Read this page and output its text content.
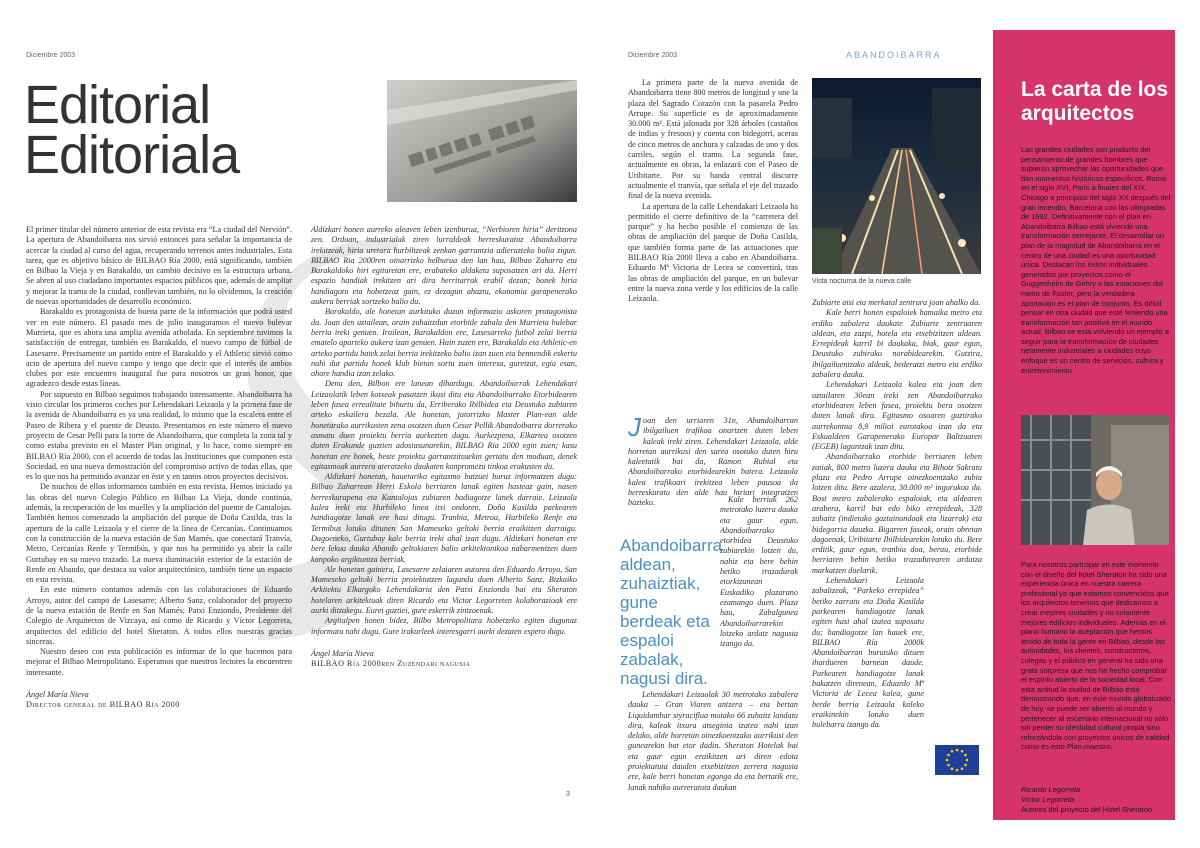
Diciembre 2003
Editorial
Editoriala

El primer titular del número anterior de esta revista era “La ciudad del Nervión”. La apertura de Abandoibarra nos sirvió entonces para señalar la importancia de acercar la ciudad al curso del agua, recuperando terrenos antes industriales. Esta tarea, que es objetivo básico de BILBAO Ría 2000, está significando, también en Bilbao la Vieja y en Barakaldo, un cambio decisivo en la estructura urbana. Se abren al uso ciudadano importantes espacios públicos que, además de ampliar y mejorar la trama de la ciudad, conllevan también, no lo olvidemos, la creación de nuevas oportunidades de desarrollo económico.

Barakaldo es protagonista de buena parte de la información que podrá usted ver en este número. El pasado mes de julio inauguramos el nuevo bulevar Murrieta, que es ahora una amplia avenida arbolada. En septiembre tuvimos la satisfacción de entregar, también en Barakaldo, el nuevo campo de fútbol de Lasesarre. Precisamente un partido entre el Barakaldo y el Athletic sirvió como acto de apertura del nuevo campo y tengo que decir que el interés de ambos clubes por este encuentro inaugural fue para nosotros un gran honor, que agradezco desde estas líneas.

Por supuesto en Bilbao seguimos trabajando intensamente. Abandoibarra ha visto circular los primeros coches por Lehendakari Leizaola y la primera fase de la avenida de Abandoibarra es ya una realidad, lo mismo que la escalera entre el Paseo de Ribera y el puente de Deusto. Presentamos en este número el nuevo proyecto de Cesar Pelli para la torre de Abandoibarra, que completa la zona tal y como estaba previsto en el Master Plan original, y lo hace, como siempre en BILBAO Ría 2000, con el acuerdo de todas las Instituciones que componen esta Sociedad, en una nueva demostración del compromiso activo de todas ellas, que es lo que nos ha permitido avanzar en éste y en tantos otros proyectos decisivos.

De muchos de ellos informamos también en esta revista. Hemos iniciado ya las obras del nuevo Colegio Público en Bilbao La Vieja, donde continúa, además, la recuperación de los muelles y la ampliación del puente de Cantalojas. También hemos comenzado la ampliación del parque de Doña Casilda, tras la apertura de la calle Leizaola y el cierre de la línea de Cercanías. Continuamos con la construcción de la nueva estación de San Mamés, que conectará Tranvía, Metro, Cercanías Renfe y Termibús, y que nos ha permitido ya abrir la calle Gurtubay en su nuevo trazado. La nueva iluminación exterior de la estación de Renfe en Abando, que destaca su valor arquitectónico, también tiene un espacio en esta revista.

En este número contamos además con las colaboraciones de Eduardo Arroyo, autor del campo de Lasesarre; Alberto Sanz, colaborador del proyecto de la nueva estación de Renfe en San Mamés; Patxi Enziondo, Presidente del Colegio de Arquitectos de Vizcaya, así como de Ricardo y Víctor Legorreta, arquitectos del edificio del hotel Sheraton. A todos ellos nuestras gracias sinceras.

Nuestro deseo con esta publicación es informar de lo que hacemos para mejorar el Bilbao Metropolitano. Esperamos que nuestros lectores la encuentren interesante.

Ángel María Nieva
Director general de BILBAO Ría 2000

Aldizkari honen aurreko aleaven leben izenburua, “Nerbioren hiria” deritzona zen. Orduan, industrialak ziren lurraldeak berreskuratuz Abandoibarra irekitzeak, hiria uretara hurbiltzeak zenkan garrantzia adierazteko balio zigun. BILBAO Ria 2000ren oinarrizko helburua den lan hau, Bilbao Zaharra eta Barakaldoko hiri egituretan ere, erabateko aldaketa suposatzen ari da. Herri espazio handiak irekitzen ari dira herritarrak erabil dezan; bonek hiria handiagotu eta hobetzeaz gain, ez dezagun ahaztu, ekonomia garapenerako aukera berriak sortzeko balio du.

Barakaldo, ale honetan aurkituko duzun informazio askoren protagonista da. Joan den uztailean, orain zuhaitzdun etorbide zabala den Murrieta bulebar berria ireki genuen. Irailean, Barakaldon ere, Lasesarreko futbol zelai berria ematelo aparteko aukera izan genuen. Hain zuzen ere, Barakaldo eta Athletic-en arteko partidu batek zelai berria irekitzeko balio izan zuen eta bennendik eskertu nahi dut partidu honek klub bietan sortu zuen interesa, guretzat, egia esan, ohore handia izan zelako.

Dena den, Bilbon ere lanean dihardugu. Abandoibarrak Lehendakari Leizaolatik leben kotxeak pasatzen ikusi ditu eta Abandoibarrako Etorbidearen leben fasea errealitate bihurtu da, Erriberako Ibilbidea eta Deustuko zubiaren arteko eskailera bezala. Ale honetan, jatorrizko Master Plan-ean alde honetarako aurrikusten zena osotzen duen Cesar Pellik Abandoibarra dorrerako asmatu duen proiektu berria aurkezten dugu. Aurkezpena, Elkartea osotzen duten Erakunde guztien adostasunarekin, BILBAO Ria 2000 egin zuen; kasu honetan ere bonek, beste proiektu garrantzitsuekin gertatu den moduan, denek egitasmoak aurrera ateratzeko daukaten konpromezu tinkoa erakusten du.

Aldizkari honetan, hauetariko egitasmo batzuei buruz informatzen dugu: Bilbao Zaharrean Herri Eskola berriaren lanak egiten hasteaz gain, nasen berreskurapena eta Kantalojas zubiaren badiagotze lanek darraie. Leizaola kalea ireki eta Hurbileko linea itxi ondoren, Doña Kasilda parkearen handiagotze lanak ere hasi ditugu. Tranbia, Metroa, Hurbileko Renfe eta Termibus lotuko ditunen San Mameseko geltoki berria eraikitzen darraigu. Dagoeneko, Gurtubay kale berria ireki ahal izan dugu. Aldizkari honetan ere bere lekua dauka Abando geltokiaren balio arkitektonikoa nabarmentzen duen kanpoko argiktuntza berriak.

Ale honetan gainera, Lasesarre zelaiaren autorea den Eduardo Arroyo, San Mameseko geltoki berria proiektatzen lagundu duen Alberto Sanz, Bizkaiko Arkitektu Elkargoko Lehendakaria den Patxi Enziondo bai eta Sheraton hotelaren arkitektuak diren Ricardo eta Victor Legorreten kolaborazioak ere aurki ditzakegu. Eurei guztiei, gure eskerrik zintzoenak.

Argitalpen honen bidez, Bilbo Metropolitara hobetzeko egiten dugunaz informatu nahi dugu. Gure irakurleek interesgarri aurki dezaten espero dugu.

Ángel María Nieva
BILBAO Ría 2000ren Zuzendari nagusia
3
Diciembre 2003	ABANDOIBARRA

La primera parte de la nueva avenida de Abandoibarra tiene 800 metros de longitud y une la plaza del Sagrado Corazón con la pasarela Pedro Arrupe. Su superficie es de aproximadamente 30.000 m². Está jalonada por 328 árboles (castaños de indias y fresnos) y cuenta con bidegorri, aceras de cinco metros de anchura y calzadas de uno y dos carriles, según el tramo. La segunda fase, actualmente en obras, la enlazará con el Paseo de Uribitarte. Por su banda central discurre actualmente el tranvía, que señala el eje del trazado final de la nueva avenida.

La apertura de la calle Lehendakari Leizaola ha permitido el cierre definitivo de la “carretera del parque” y ha hecho posible el comienzo de las obras de ampliación del parque de Doña Casilda, que también forma parte de las actuaciones que BILBAO Ría 2000 lleva a cabo en Abandoibarra. Eduardo Mª Victoria de Lecea se convertirá, tras las obras de ampliación del parque, en un bulevar entre la nueva zona verde y los edificios de la calle Leizaola.

Vista nocturna de la nueva calle
J oan den urriaren 31n, Abandoibarran ibilgailuen trafikoa onartzen duten leben kaleak ireki ziren. Lehendakari Leizaola, alde horretan aurrikusi den sarea osotuko duten hiru kaleetatik bat da, Ramon Rubial eta Abandoibarrako etorbidearekin batera. Leizaola kalea trafikoari irekitzea leben pausoa da berreskuratu den alde hau hiriari integratzen bazteko.
Abandoibarra aldean, zuhaiztiak, gune berdeak eta espaloi zabalak, nagusi dira.

Kale berriak 262 metrotako luzera dauka eta gaur egun, Abandoibarrako etorbidea Deustuko zubiarekin lotzen du, nahiz eta bere behin betiko trazadurak etorkizunean Euskadiko plazarano ezamango duen. Plaza hau, Zabalgunea Abandoibarrarekin lotzeko ardatz nagusia izango da.

Lehendakari Leizaolak 30 metrotako zabalera dauka – Gran Viaren antzera – eta bertan Liquidambar styraciflua motako 66 zuhaitz landatu dira, kaleak itxura atseginia izatea nahi izan delako, alde horretan oinezkoentzako aurrikusi den gunearekin bat etor dadin. Sheraton Hotelak bai eta gaur egun eraikitzen ari diren edota proiektatuta dauden etxebizitzen zerrera nagusia ere, kale berri honetan egongo da eta bertatik ere, lanak nahiko aurreratuta daukan

Zubiarte aisi eta merkatal zentrura joan ahalko da.

Kale berri honen espaloiek hamaika metro eta erdiko zabalera daukate Zubiarte zentruaren aldean, eta zazpi, hotela eta etxebizitzen aldean. Errepideak karril bi daukaka, biak, gaur egun, Deustuko zubirako norabidearekin. Gutzira, ibilgailuentzako aldeak, bederatzi metro eta erdiko zabalera dauka.

Lehendakari Leizaola kalea eta joan den uztailaren 30ean ireki zen Abandoibarrako etorbidearen leben fasea, proiektu bera osotzen duten lanak dira. Egitasmo osoaren guztirako aurrekontua 8,9 milioi eurotakoa izan da eta Eskualdeen Garapenerako Europar Baltzuaren (EGEB) laguntzak izan ditu.

Abandoibarrako etorbide berriaren leben zatiak, 800 metro luzera dauka eta Bihotz Sakratu plaza eta Pedro Arrupe oinezkoentzako zubia lotzen ditu. Bere azalera, 30.000 m² ingurukoa da. Bost metro zabalerako espaloiak, eta aldearen arabera, karril bat edo biko errepideak, 328 zuhaitz (indietako gaztainondoak eta lizarrak) eta bidegorria dauzka. Bigarren faseak, orain obretan dagoenak, Uribitarte Ibilbidearekin lotuko du. Bere erditik, gaur egun, tranbia doa, berau, etorbide berriaren behin betiko trazadurearen ardatza markatzen duelarik.

Lehendakari Leizaola zabaltzeak, “Parkeko errepidea” betiko zarratu eta Doña Kasilda parkearen handiagotze lanak egiten hasi ahal izatea suposatu du; handiagotze lan hauek ere, BILBAO Ría 2000k Abandoibarran burutuko dituen ihardueren barnean daude. Parkearen handiagotze lanak bukatzen direnean, Eduardo Mª Victoria de Lecea kalea, gune berde berria Leizaola kaleko eraikinekin lotuko duen bulebarra izango da.

La carta de los arquitectos
Las grandes ciudades son producto del pensamiento de grandes hombres que supieron aprovechar las oportunidades que dan momentos históricos específicos. Roma en el siglo XVI, París a finales del XIX, Chicago a principios del siglo XX después del gran incendio, Barcelona con las olimpiadas de 1992. Definitivamente con el plan en Abandoibarra Bilbao está viviendo una transformación semejante. El desarrollar un plan de la magnitud de Abandoibarra en el centro de una ciudad es una oportunidad única. Destacan los éxitos individuales generados por proyectos como el Guggenheim de Gehry o las estaciones del metro de Foster, pero la verdadera aportación es el plan de conjunto. Es difícil pensar en otra ciudad que esté teniendo una transformación tan positiva en el mundo actual, Bilbao se está volviendo un ejemplo a seguir para la transformación de ciudades netamente industriales a ciudades cuyo enfoque es un centro de servicios, cultura y entretenimiento.
Para nosotros participar en este momento con el diseño del hotel Sheraton ha sido una experiencia única en nuestra carrera profesional ya que estamos convencidos que los arquitectos tenemos que dedicarnos a crear mejores ciudades y no solamente mejores edificios individuales. Además en el plano humano la aceptación que hemos tenido de toda la gente en Bilbao, desde las autoridades, los clientes, constructores, colegas y el público en general ha sido una grata sorpresa que nos ha hecho comprobar el espíritu abierto de la sociedad local. Con esta actitud la ciudad de Bilbao está demostrando que, en este mundo globalizado de hoy, se puede ser abierto al mundo y pertenecer al escenario internacional no sólo sin perder su identidad cultural propia sino reforzándola con proyectos únicos de calidad como es este Plan maestro.
Ricardo Legorreta
Víctor Legorreta
Autores del proyecto del Hotel Sheraton
